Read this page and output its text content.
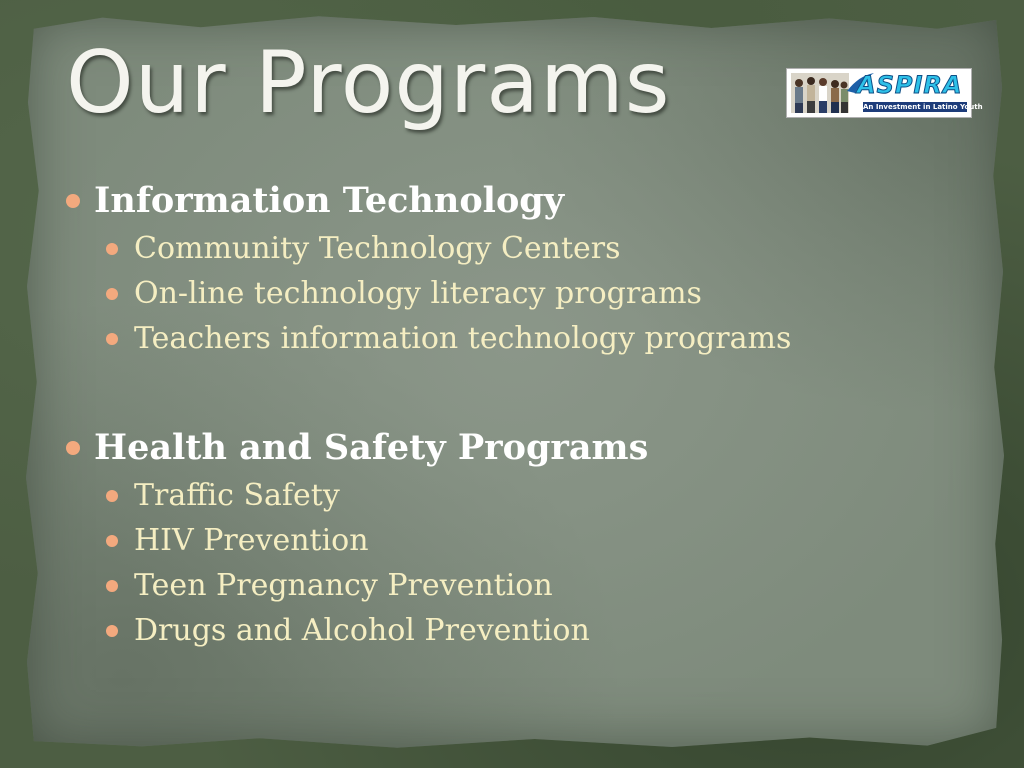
Our Programs	ASPIRA
An Investment in Latino Youth
Information Technology
Community Technology Centers
On-line technology literacy programs
Teachers information technology programs
Health and Safety Programs
Traffic Safety
HIV Prevention
Teen Pregnancy Prevention
Drugs and Alcohol Prevention
